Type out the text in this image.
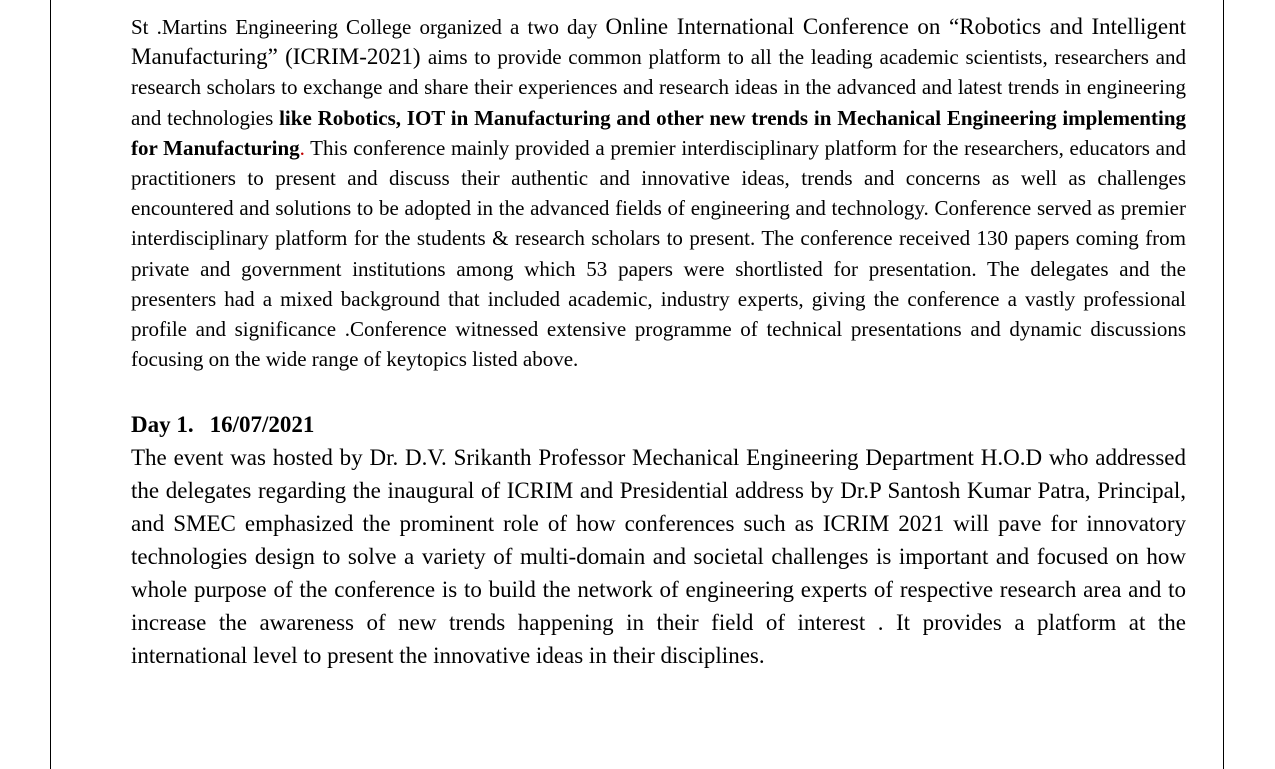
St .Martins Engineering College organized a two day Online International Conference on “Robotics and Intelligent Manufacturing” (ICRIM-2021) aims to provide common platform to all the leading academic scientists, researchers and research scholars to exchange and share their experiences and research ideas in the advanced and latest trends in engineering and technologies like Robotics, IOT in Manufacturing and other new trends in Mechanical Engineering implementing for Manufacturing. This conference mainly provided a premier interdisciplinary platform for the researchers, educators and practitioners to present and discuss their authentic and innovative ideas, trends and concerns as well as challenges encountered and solutions to be adopted in the advanced fields of engineering and technology. Conference served as premier interdisciplinary platform for the students & research scholars to present. The conference received 130 papers coming from private and government institutions among which 53 papers were shortlisted for presentation. The delegates and the presenters had a mixed background that included academic, industry experts, giving the conference a vastly professional profile and significance .Conference witnessed extensive programme of technical presentations and dynamic discussions focusing on the wide range of keytopics listed above.

Day 1. 16/07/2021

The event was hosted by Dr. D.V. Srikanth Professor Mechanical Engineering Department H.O.D who addressed the delegates regarding the inaugural of ICRIM and Presidential address by Dr.P Santosh Kumar Patra, Principal, and SMEC emphasized the prominent role of how conferences such as ICRIM 2021 will pave for innovatory technologies design to solve a variety of multi-domain and societal challenges is important and focused on how whole purpose of the conference is to build the network of engineering experts of respective research area and to increase the awareness of new trends happening in their field of interest . It provides a platform at the international level to present the innovative ideas in their disciplines.
